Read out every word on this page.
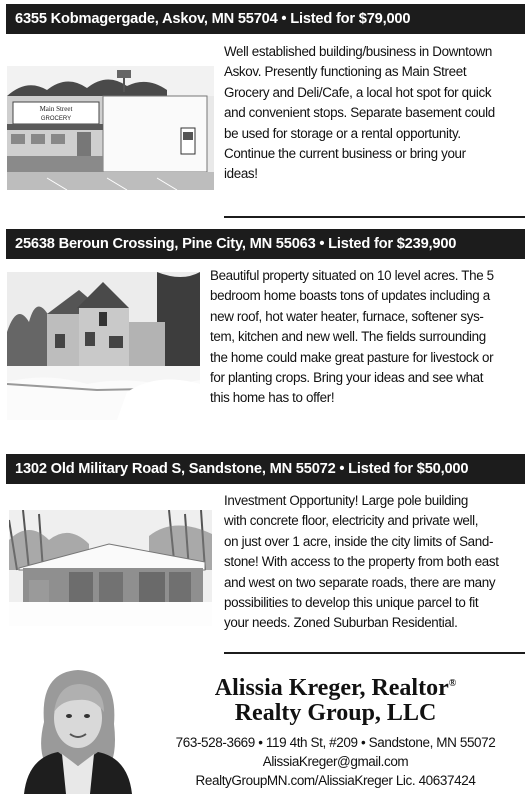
6355 Kobmagergade, Askov, MN 55704 • Listed for $79,000
Main Street
GROCERY
Well established building/business in Downtown
Askov. Presently functioning as Main Street
Grocery and Deli/Cafe, a local hot spot for quick
and convenient stops. Separate basement could
be used for storage or a rental opportunity.
Continue the current business or bring your
ideas!
25638 Beroun Crossing, Pine City, MN 55063 • Listed for $239,900
Beautiful property situated on 10 level acres. The 5
bedroom home boasts tons of updates including a
new roof, hot water heater, furnace, softener sys-
tem, kitchen and new well. The fields surrounding
the home could make great pasture for livestock or
for planting crops. Bring your ideas and see what
this home has to offer!
1302 Old Military Road S, Sandstone, MN 55072 • Listed for $50,000
Investment Opportunity! Large pole building
with concrete floor, electricity and private well,
on just over 1 acre, inside the city limits of Sand-
stone! With access to the property from both east
and west on two separate roads, there are many
possibilities to develop this unique parcel to fit
your needs. Zoned Suburban Residential.
Alissia Kreger, Realtor®
Realty Group, LLC
763-528-3669 • 119 4th St, #209 • Sandstone, MN 55072
AlissiaKreger@gmail.com
RealtyGroupMN.com/AlissiaKreger Lic. 40637424
